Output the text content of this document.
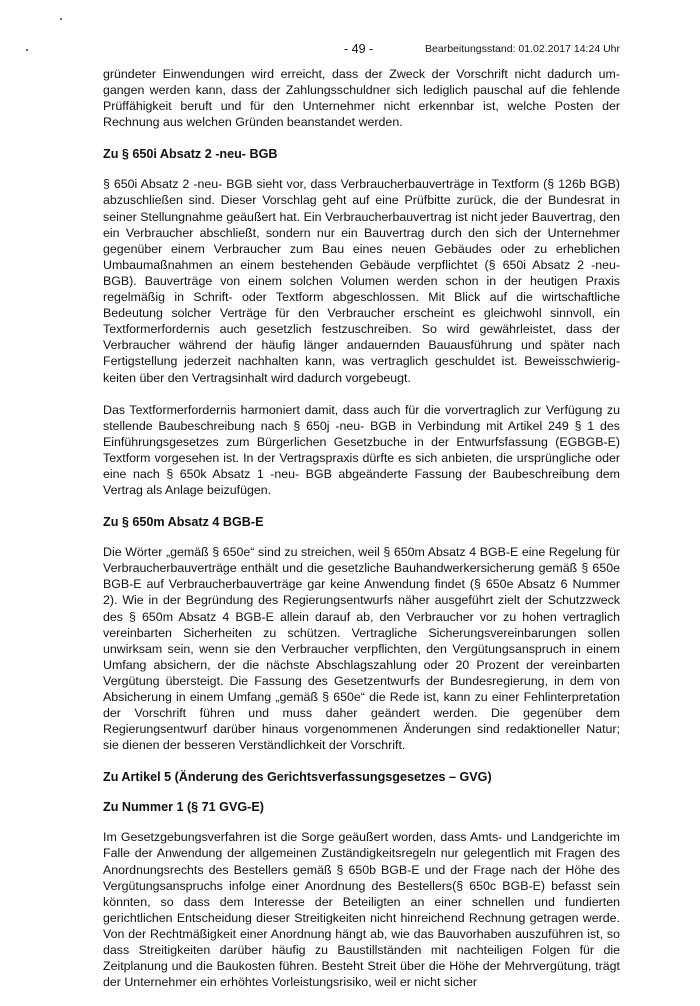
- 49 -	Bearbeitungsstand: 01.02.2017 14:24 Uhr

gründeter Einwendungen wird erreicht, dass der Zweck der Vorschrift nicht dadurch umgangen werden kann, dass der Zahlungsschuldner sich lediglich pauschal auf die fehlende Prüffähigkeit beruft und für den Unternehmer nicht erkennbar ist, welche Posten der Rechnung aus welchen Gründen beanstandet werden.

Zu § 650i Absatz 2 -neu- BGB

§ 650i Absatz 2 -neu- BGB sieht vor, dass Verbraucherbauverträge in Textform (§ 126b BGB) abzuschließen sind. Dieser Vorschlag geht auf eine Prüfbitte zurück, die der Bundesrat in seiner Stellungnahme geäußert hat. Ein Verbraucherbauvertrag ist nicht jeder Bauvertrag, den ein Verbraucher abschließt, sondern nur ein Bauvertrag durch den sich der Unternehmer gegenüber einem Verbraucher zum Bau eines neuen Gebäudes oder zu erheblichen Umbaumaßnahmen an einem bestehenden Gebäude verpflichtet (§ 650i Absatz 2 -neu- BGB). Bauverträge von einem solchen Volumen werden schon in der heutigen Praxis regelmäßig in Schrift- oder Textform abgeschlossen. Mit Blick auf die wirtschaftliche Bedeutung solcher Verträge für den Verbraucher erscheint es gleichwohl sinnvoll, ein Textformerfordernis auch gesetzlich festzuschreiben. So wird gewährleistet, dass der Verbraucher während der häufig länger andauernden Bauausführung und später nach Fertigstellung jederzeit nachhalten kann, was vertraglich geschuldet ist. Beweisschwierigkeiten über den Vertragsinhalt wird dadurch vorgebeugt.

Das Textformerfordernis harmoniert damit, dass auch für die vorvertraglich zur Verfügung zu stellende Baubeschreibung nach § 650j -neu- BGB in Verbindung mit Artikel 249 § 1 des Einführungsgesetzes zum Bürgerlichen Gesetzbuche in der Entwurfsfassung (EGBGB-E) Textform vorgesehen ist. In der Vertragspraxis dürfte es sich anbieten, die ursprüngliche oder eine nach § 650k Absatz 1 -neu- BGB abgeänderte Fassung der Baubeschreibung dem Vertrag als Anlage beizufügen.

Zu § 650m Absatz 4 BGB-E

Die Wörter „gemäß § 650e“ sind zu streichen, weil § 650m Absatz 4 BGB-E eine Regelung für Verbraucherbauverträge enthält und die gesetzliche Bauhandwerkersicherung gemäß § 650e BGB-E auf Verbraucherbauverträge gar keine Anwendung findet (§ 650e Absatz 6 Nummer 2). Wie in der Begründung des Regierungsentwurfs näher ausgeführt zielt der Schutzzweck des § 650m Absatz 4 BGB-E allein darauf ab, den Verbraucher vor zu hohen vertraglich vereinbarten Sicherheiten zu schützen. Vertragliche Sicherungsvereinbarungen sollen unwirksam sein, wenn sie den Verbraucher verpflichten, den Vergütungsanspruch in einem Umfang absichern, der die nächste Abschlagszahlung oder 20 Prozent der vereinbarten Vergütung übersteigt. Die Fassung des Gesetzentwurfs der Bundesregierung, in dem von Absicherung in einem Umfang „gemäß § 650e“ die Rede ist, kann zu einer Fehlinterpretation der Vorschrift führen und muss daher geändert werden. Die gegenüber dem Regierungsentwurf darüber hinaus vorgenommenen Änderungen sind redaktioneller Natur; sie dienen der besseren Verständlichkeit der Vorschrift.

Zu Artikel 5 (Änderung des Gerichtsverfassungsgesetzes – GVG)
Zu Nummer 1 (§ 71 GVG-E)

Im Gesetzgebungsverfahren ist die Sorge geäußert worden, dass Amts- und Landgerichte im Falle der Anwendung der allgemeinen Zuständigkeitsregeln nur gelegentlich mit Fragen des Anordnungsrechts des Bestellers gemäß § 650b BGB-E und der Frage nach der Höhe des Vergütungsanspruchs infolge einer Anordnung des Bestellers(§ 650c BGB-E) befasst sein könnten, so dass dem Interesse der Beteiligten an einer schnellen und fundierten gerichtlichen Entscheidung dieser Streitigkeiten nicht hinreichend Rechnung getragen werde. Von der Rechtmäßigkeit einer Anordnung hängt ab, wie das Bauvorhaben auszuführen ist, so dass Streitigkeiten darüber häufig zu Baustillständen mit nachteiligen Folgen für die Zeitplanung und die Baukosten führen. Besteht Streit über die Höhe der Mehrvergütung, trägt der Unternehmer ein erhöhtes Vorleistungsrisiko, weil er nicht sicher
